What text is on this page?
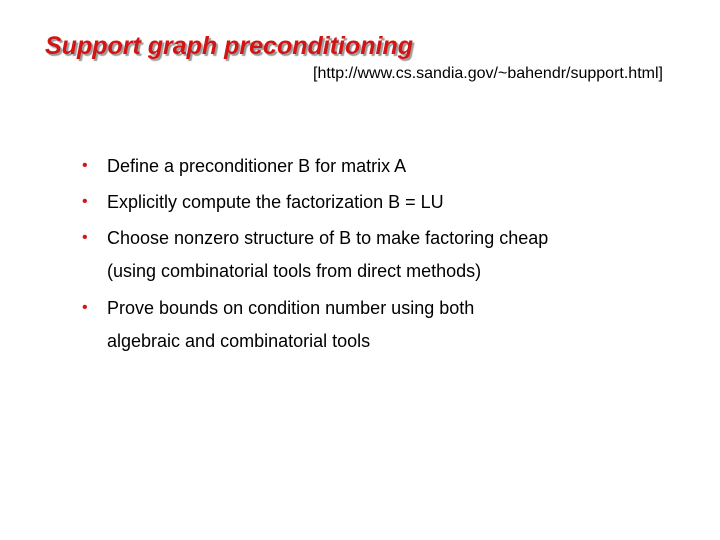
Support graph preconditioning
[http://www.cs.sandia.gov/~bahendr/support.html]
• Define a preconditioner B for matrix A
• Explicitly compute the factorization B = LU
• Choose nonzero structure of B to make factoring cheap
(using combinatorial tools from direct methods)
• Prove bounds on condition number using both
algebraic and combinatorial tools
